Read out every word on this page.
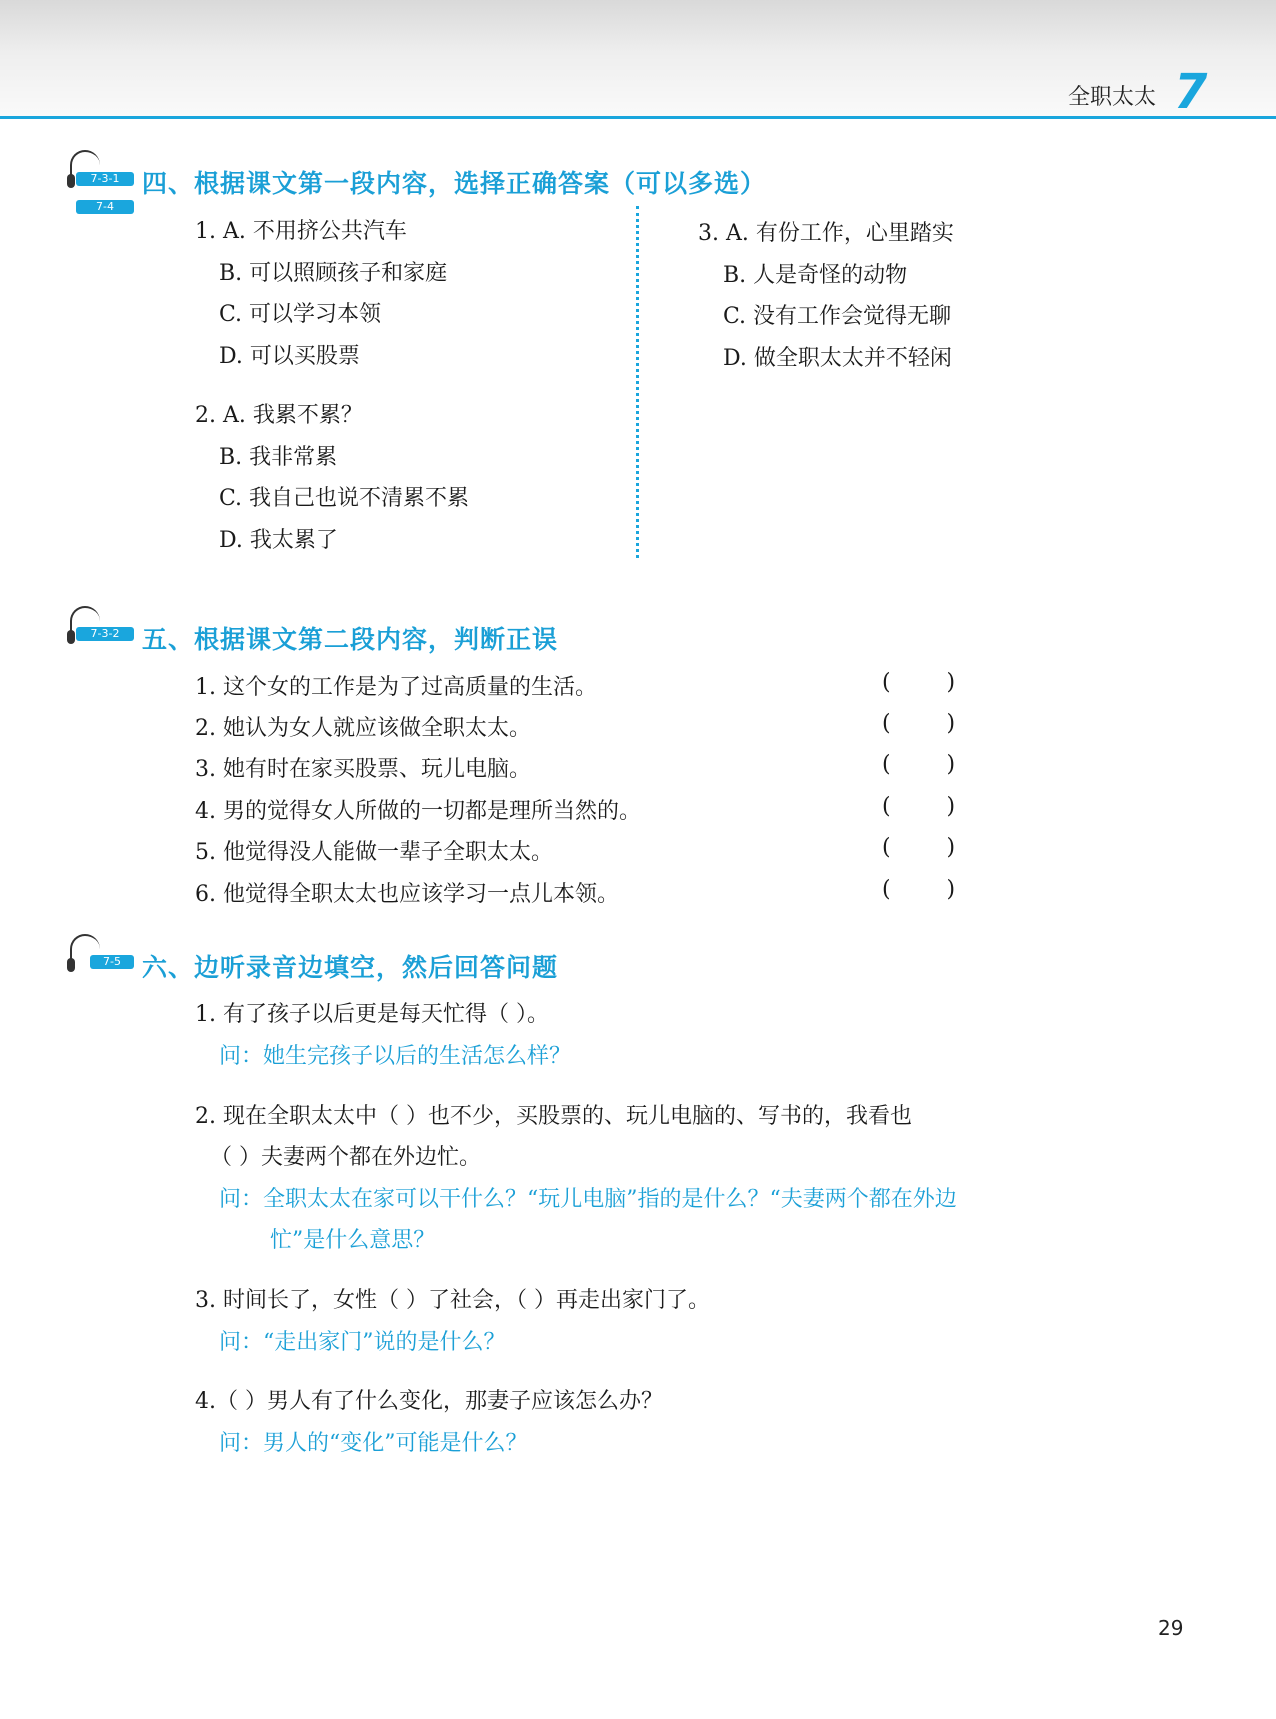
全职太太 7
7-3-1
7-4
四、根据课文第一段内容，选择正确答案（可以多选）
1. A. 不用挤公共汽车
B. 可以照顾孩子和家庭
C. 可以学习本领
D. 可以买股票
2. A. 我累不累？
B. 我非常累
C. 我自己也说不清累不累
D. 我太累了
3. A. 有份工作，心里踏实
B. 人是奇怪的动物
C. 没有工作会觉得无聊
D. 做全职太太并不轻闲
7-3-2 五、根据课文第二段内容，判断正误
1. 这个女的工作是为了过高质量的生活。
2. 她认为女人就应该做全职太太。
3. 她有时在家买股票、玩儿电脑。
4. 男的觉得女人所做的一切都是理所当然的。
5. 他觉得没人能做一辈子全职太太。
6. 他觉得全职太太也应该学习一点儿本领。
(        )
(        )
(        )
(        )
(        )
(        )
7-5 六、边听录音边填空，然后回答问题
1. 有了孩子以后更是每天忙得（ ）。
问：她生完孩子以后的生活怎么样？
2. 现在全职太太中（ ）也不少，买股票的、玩儿电脑的、写书的，我看也
（ ）夫妻两个都在外边忙。
问：全职太太在家可以干什么？“玩儿电脑”指的是什么？“夫妻两个都在外边
忙”是什么意思？
3. 时间长了，女性（ ）了社会，（ ）再走出家门了。
问：“走出家门”说的是什么？
4.（ ）男人有了什么变化，那妻子应该怎么办？
问：男人的“变化”可能是什么？
29
